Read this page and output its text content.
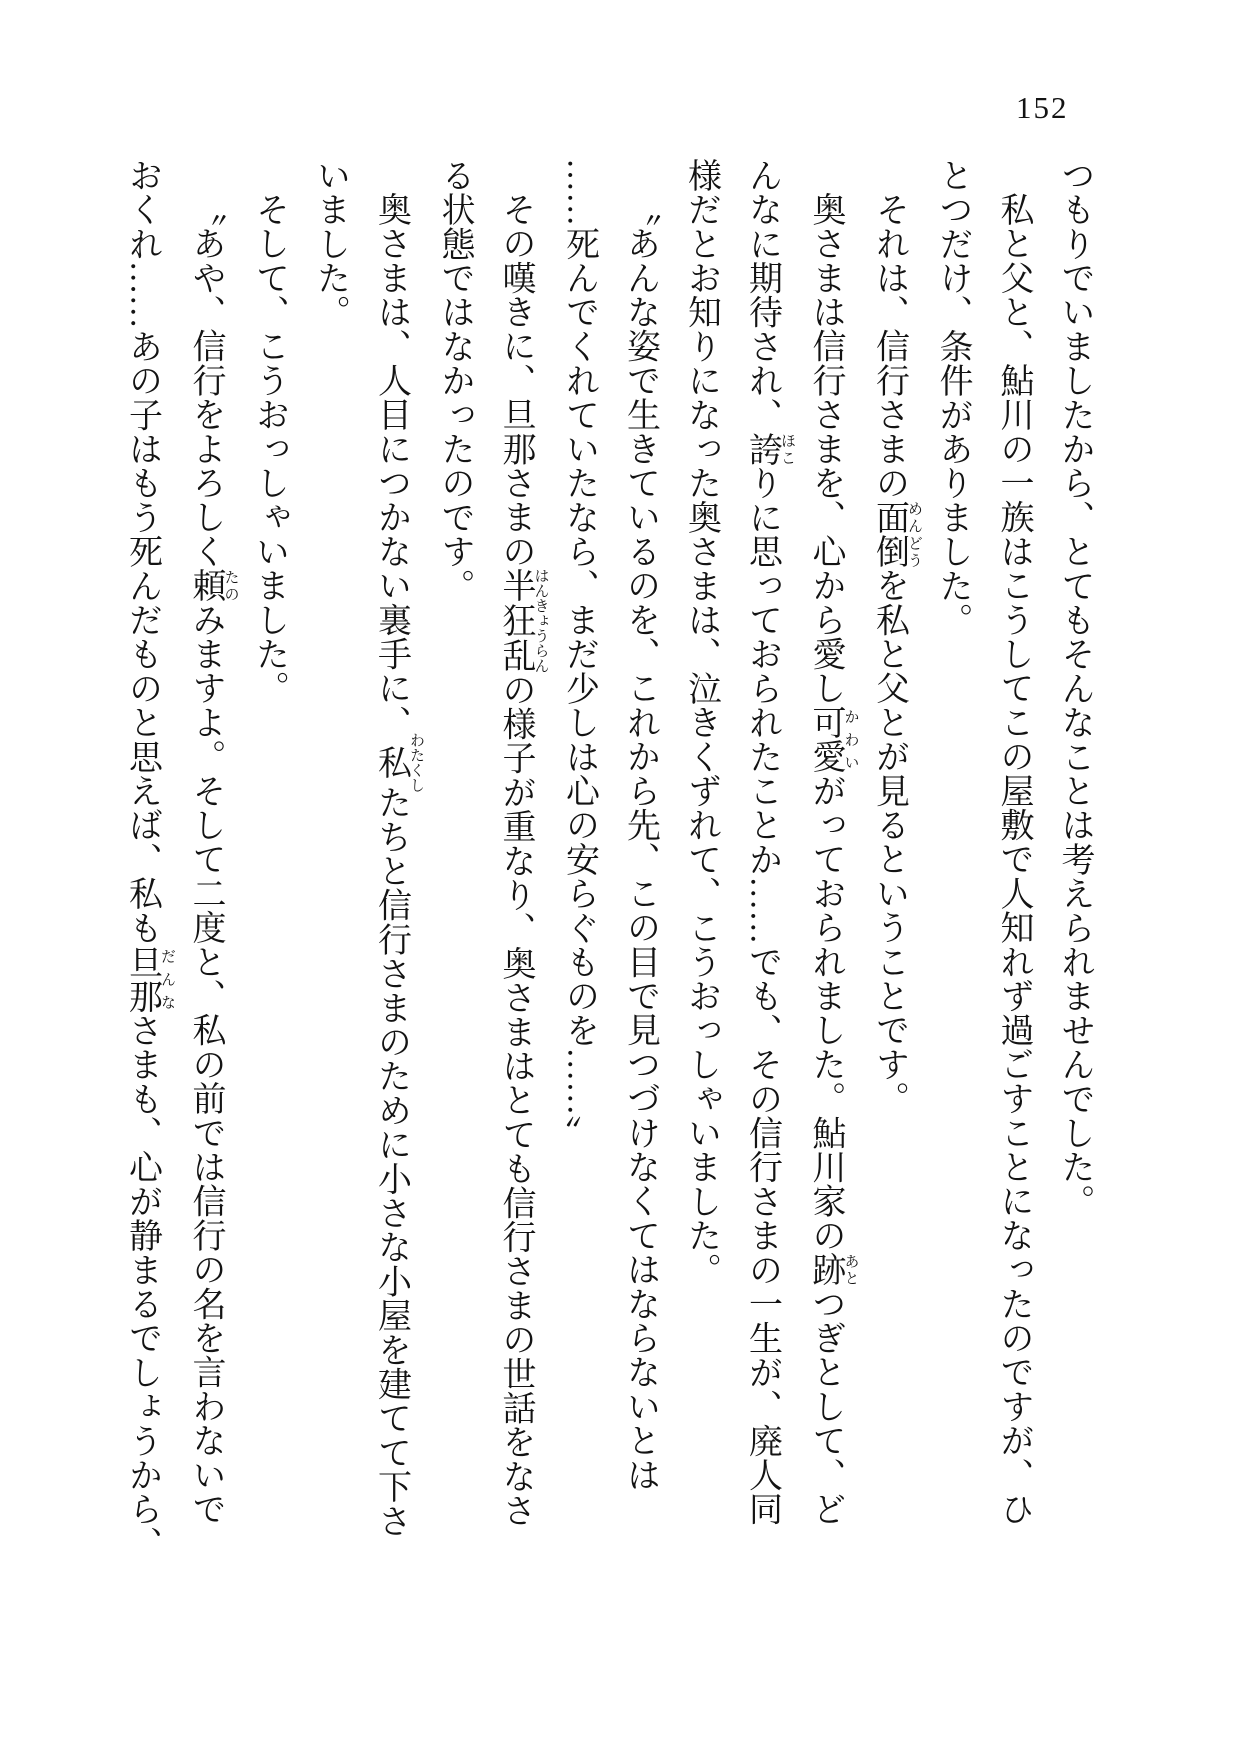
152

つもりでいましたから、とてもそんなことは考えられませんでした。

私と父と、鮎川の一族はこうしてこの屋敷で人知れず過ごすことになったのですが、ひ

とつだけ、条件がありました。

それは、信行さまの面倒めんどうを私と父とが見るということです。

奥さまは信行さまを、心から愛し可愛かわいがっておられました。鮎川家の跡あとつぎとして、ど

んなに期待され、誇ほこりに思っておられたことか……でも、その信行さまの一生が、廃人同

様だとお知りになった奥さまは、泣きくずれて、こうおっしゃいました。

〝あんな姿で生きているのを、これから先、この目で見つづけなくてはならないとは

……死んでくれていたなら、まだ少しは心の安らぐものを……〟

その嘆きに、旦那さまの半狂乱はんきょうらんの様子が重なり、奥さまはとても信行さまの世話をなさ

る状態ではなかったのです。

奥さまは、人目につかない裏手に、私わたくしたちと信行さまのために小さな小屋を建てて下さ

いました。

そして、こうおっしゃいました。

〝あや、信行をよろしく頼たのみますよ。そして二度と、私の前では信行の名を言わないで

おくれ……あの子はもう死んだものと思えば、私も旦那だんなさまも、心が静まるでしょうから、
